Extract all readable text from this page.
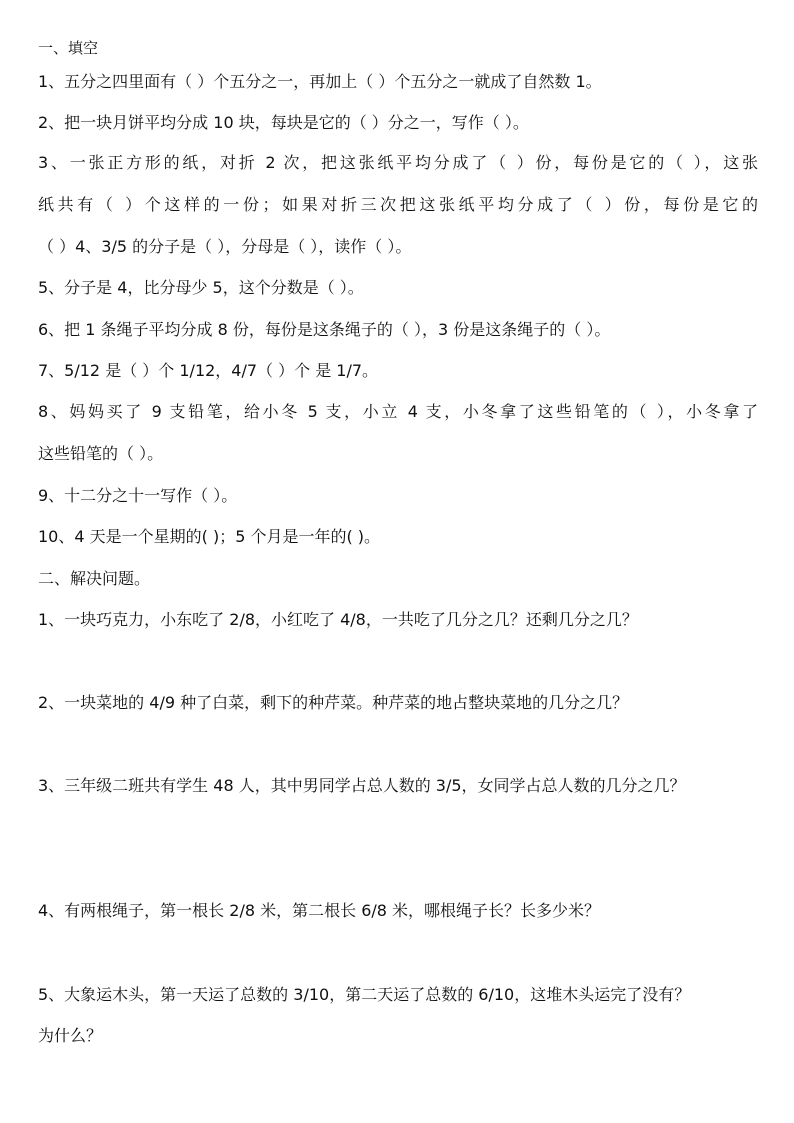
一、填空
1、五分之四里面有（ ）个五分之一，再加上（ ）个五分之一就成了自然数 1。
2、把一块月饼平均分成 10 块，每块是它的（ ）分之一，写作（ ）。
3、一张正方形的纸，对折 2 次，把这张纸平均分成了（ ）份，每份是它的（ ），这张
纸共有（ ）个这样的一份；如果对折三次把这张纸平均分成了（ ）份，每份是它的
（ ）4、3/5 的分子是（ ），分母是（ ），读作（ ）。
5、分子是 4，比分母少 5，这个分数是（ ）。
6、把 1 条绳子平均分成 8 份，每份是这条绳子的（ ），3 份是这条绳子的（ ）。
7、5/12 是（ ）个 1/12，4/7（ ）个 是 1/7。
8、妈妈买了 9 支铅笔，给小冬 5 支，小立 4 支，小冬拿了这些铅笔的（ ），小冬拿了
这些铅笔的（ ）。
9、十二分之十一写作（ ）。
10、4 天是一个星期的( )；5 个月是一年的( )。
二、解决问题。
1、一块巧克力，小东吃了 2/8，小红吃了 4/8，一共吃了几分之几？还剩几分之几？
2、一块菜地的 4/9 种了白菜，剩下的种芹菜。种芹菜的地占整块菜地的几分之几？
3、三年级二班共有学生 48 人，其中男同学占总人数的 3/5，女同学占总人数的几分之几？
4、有两根绳子，第一根长 2/8 米，第二根长 6/8 米，哪根绳子长？长多少米？
5、大象运木头，第一天运了总数的 3/10，第二天运了总数的 6/10，这堆木头运完了没有？
为什么？
